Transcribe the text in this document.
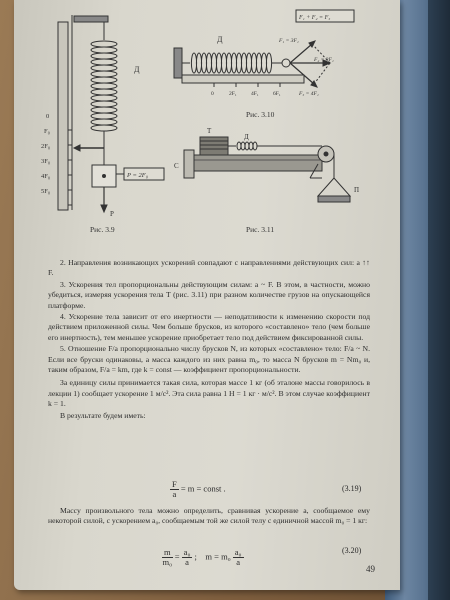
Д
0
F₀
2F₀
3F₀
4F₀
5F₀
P = 2F₀
P
Д
F₁ + F₂ = F₃
F₁ = 3F₁
F₂ = 3F₁
F₃ = 4F₁
0	2F₁	4F₁	6F₁
Рис. 3.10
Т
Д
С
П
Рис. 3.11
Рис. 3.9

2. Направления возникающих ускорений совпадают с направлениями действующих сил: a ↑↑ F.

3. Ускорения тел пропорциональны действующим силам: a ~ F. В этом, в частности, можно убедиться, измеряя ускорения тела Т (рис. 3.11) при разном количестве грузов на опускающейся платформе.

4. Ускорение тела зависит от его инертности — неподатливости к изменению скорости под действием приложенной силы. Чем больше брусков, из которого «составлено» тело (чем больше его инертность), тем меньшее ускорение приобретает тело под действием фиксированной силы.

5. Отношение F/a пропорционально числу брусков N, из которых «составлено» тело: F/a ~ N. Если все бруски одинаковы, а масса каждого из них равна m₀, то масса N брусков m = Nm₀ и, таким образом, F/a = km, где k = const — коэффициент пропорциональности.

За единицу силы принимается такая сила, которая массе 1 кг (об эталоне массы говорилось в лекции 1) сообщает ускорение 1 м/с². Эта сила равна 1 Н = 1 кг · м/с². В этом случае коэффициент k = 1.

В результате будем иметь:

$\frac{F}{a} = m$ = const .	(3.19)

Массу произвольного тела можно определить, сравнивая ускорение a, сообщаемое ему некоторой силой, с ускорением a₀, сообщаемым той же силой телу с единичной массой m₀ = 1 кг:

$\frac{m}{\text{m₀}} = \frac{\text{a₀}}{a}$ ; $m = m_0 \frac{\text{a₀}}{a}$	(3.20)
49
